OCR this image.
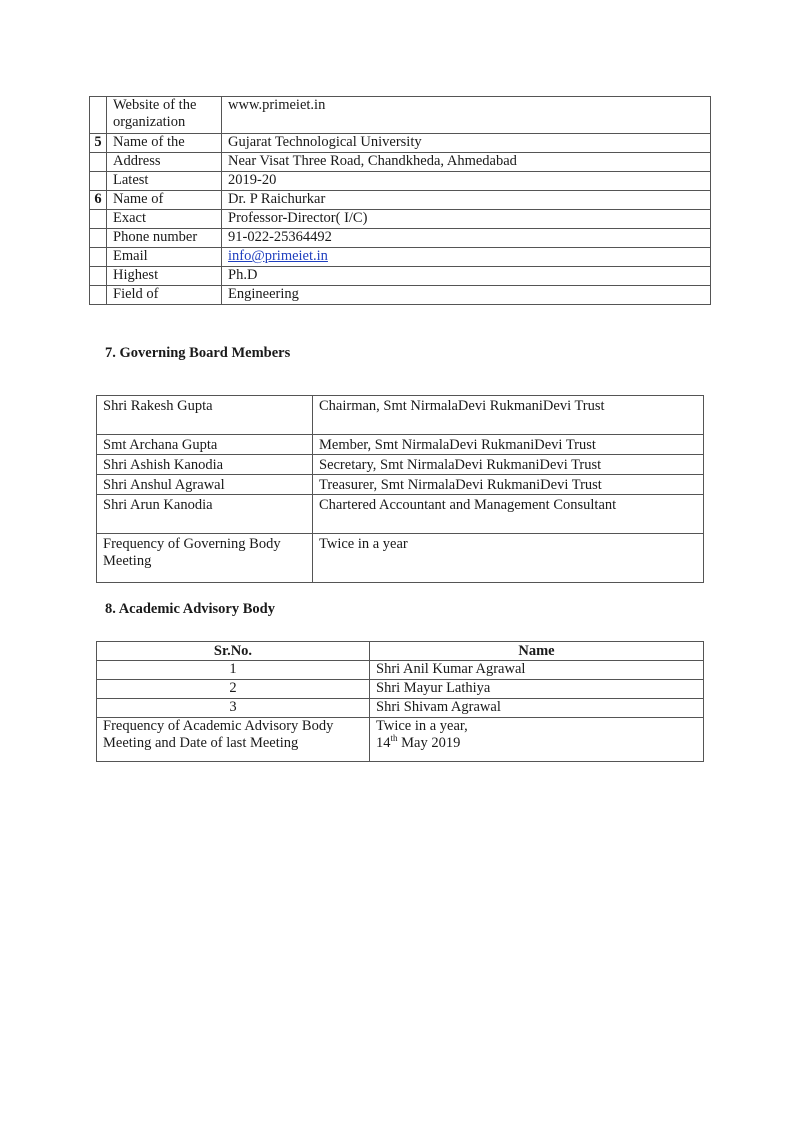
	Website of the organization	www.primeiet.in
5	Name of the	Gujarat Technological University
	Address	Near Visat Three Road, Chandkheda, Ahmedabad
	Latest	2019-20
6	Name of	Dr. P Raichurkar
	Exact	Professor-Director( I/C)
	Phone number	91-022-25364492
	Email	info@primeiet.in
	Highest	Ph.D
	Field of	Engineering
7. Governing Board Members
Shri Rakesh Gupta	Chairman, Smt NirmalaDevi RukmaniDevi Trust
Smt Archana Gupta	Member, Smt NirmalaDevi RukmaniDevi Trust
Shri Ashish Kanodia	Secretary, Smt NirmalaDevi RukmaniDevi Trust
Shri Anshul Agrawal	Treasurer, Smt NirmalaDevi RukmaniDevi Trust
Shri Arun Kanodia	Chartered Accountant and Management Consultant
Frequency of Governing Body Meeting	Twice in a year
8. Academic Advisory Body
Sr.No.	Name
1	Shri Anil Kumar Agrawal
2	Shri Mayur Lathiya
3	Shri Shivam Agrawal
Frequency of Academic Advisory Body Meeting and Date of last Meeting	Twice in a year,
14th May 2019
